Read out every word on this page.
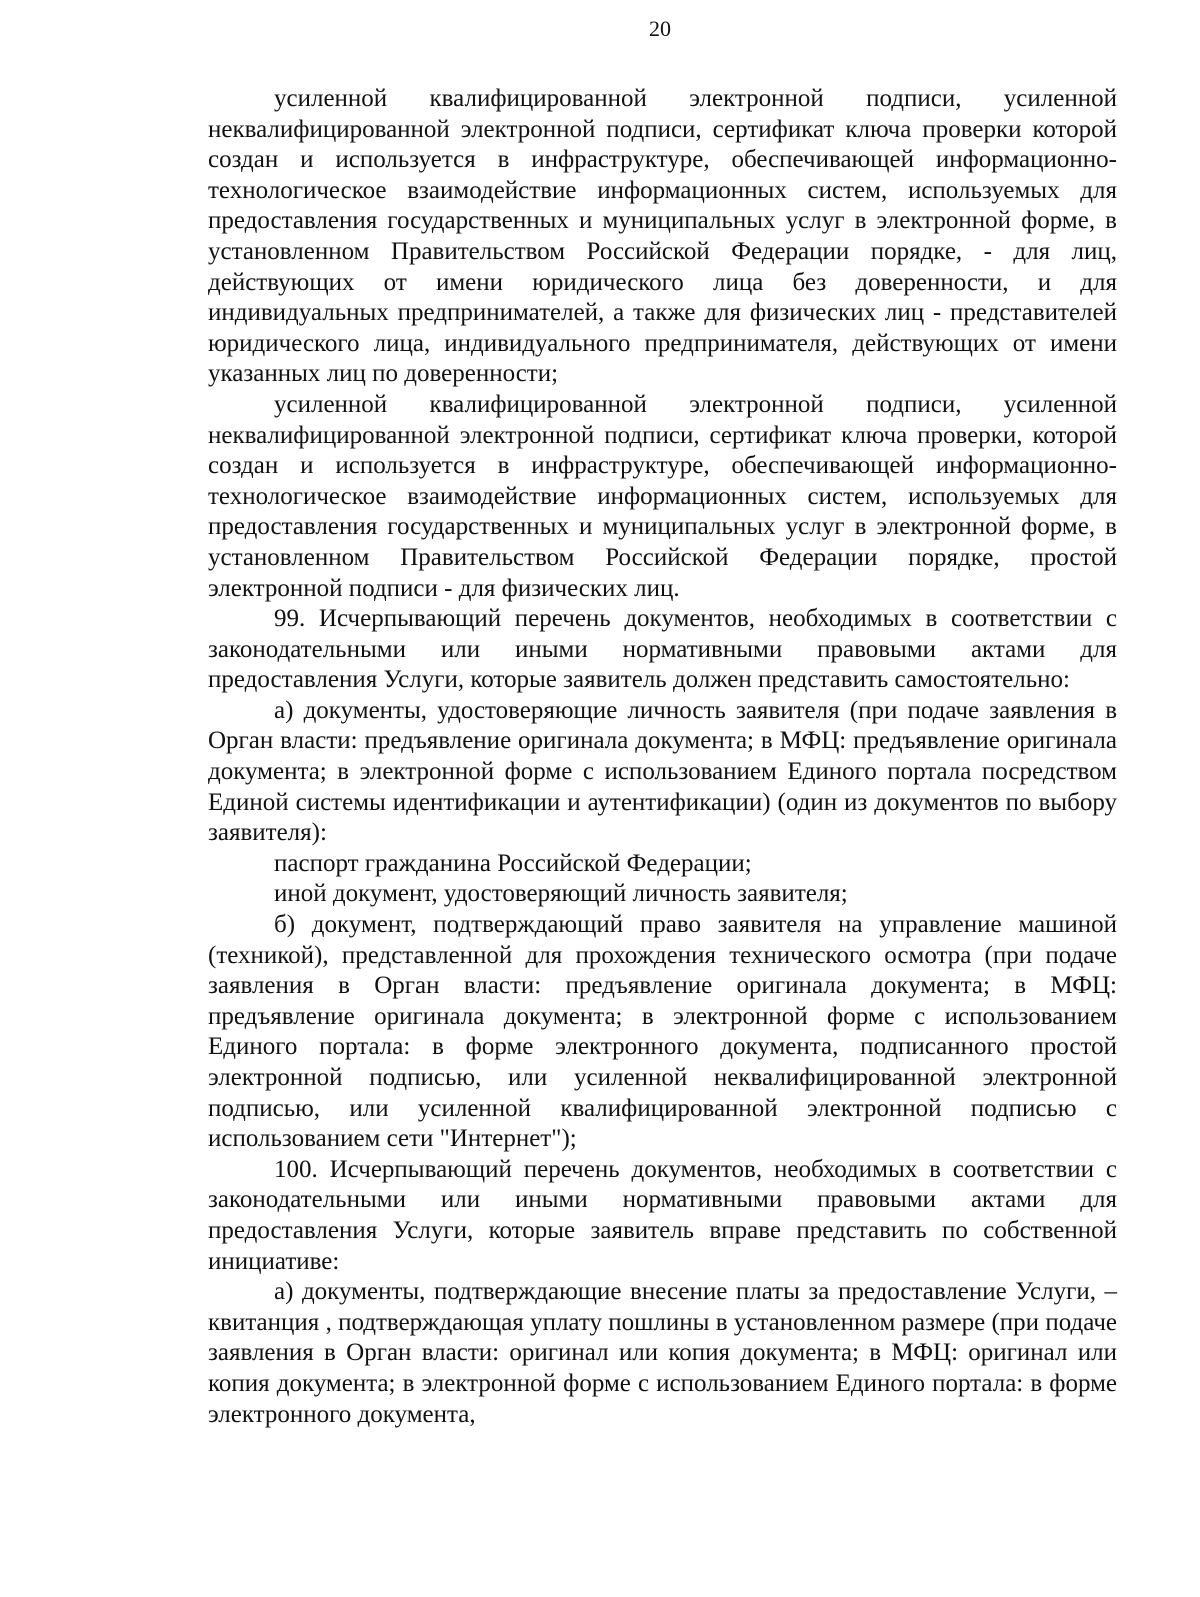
20

усиленной квалифицированной электронной подписи, усиленной неквалифицированной электронной подписи, сертификат ключа проверки которой создан и используется в инфраструктуре, обеспечивающей информационно-технологическое взаимодействие информационных систем, используемых для предоставления государственных и муниципальных услуг в электронной форме, в установленном Правительством Российской Федерации порядке, - для лиц, действующих от имени юридического лица без доверенности, и для индивидуальных предпринимателей, а также для физических лиц - представителей юридического лица, индивидуального предпринимателя, действующих от имени указанных лиц по доверенности;

усиленной квалифицированной электронной подписи, усиленной неквалифицированной электронной подписи, сертификат ключа проверки, которой создан и используется в инфраструктуре, обеспечивающей информационно-технологическое взаимодействие информационных систем, используемых для предоставления государственных и муниципальных услуг в электронной форме, в установленном Правительством Российской Федерации порядке, простой электронной подписи - для физических лиц.

99. Исчерпывающий перечень документов, необходимых в соответствии с законодательными или иными нормативными правовыми актами для предоставления Услуги, которые заявитель должен представить самостоятельно:

а) документы, удостоверяющие личность заявителя (при подаче заявления в Орган власти: предъявление оригинала документа; в МФЦ: предъявление оригинала документа; в электронной форме с использованием Единого портала посредством Единой системы идентификации и аутентификации) (один из документов по выбору заявителя):

паспорт гражданина Российской Федерации;

иной документ, удостоверяющий личность заявителя;

б) документ, подтверждающий право заявителя на управление машиной (техникой), представленной для прохождения технического осмотра (при подаче заявления в Орган власти: предъявление оригинала документа; в МФЦ: предъявление оригинала документа; в электронной форме с использованием Единого портала: в форме электронного документа, подписанного простой электронной подписью, или усиленной неквалифицированной электронной подписью, или усиленной квалифицированной электронной подписью с использованием сети "Интернет");

100. Исчерпывающий перечень документов, необходимых в соответствии с законодательными или иными нормативными правовыми актами для предоставления Услуги, которые заявитель вправе представить по собственной инициативе:

а) документы, подтверждающие внесение платы за предоставление Услуги, – квитанция , подтверждающая уплату пошлины в установленном размере (при подаче заявления в Орган власти: оригинал или копия документа; в МФЦ: оригинал или копия документа; в электронной форме с использованием Единого портала: в форме электронного документа,
